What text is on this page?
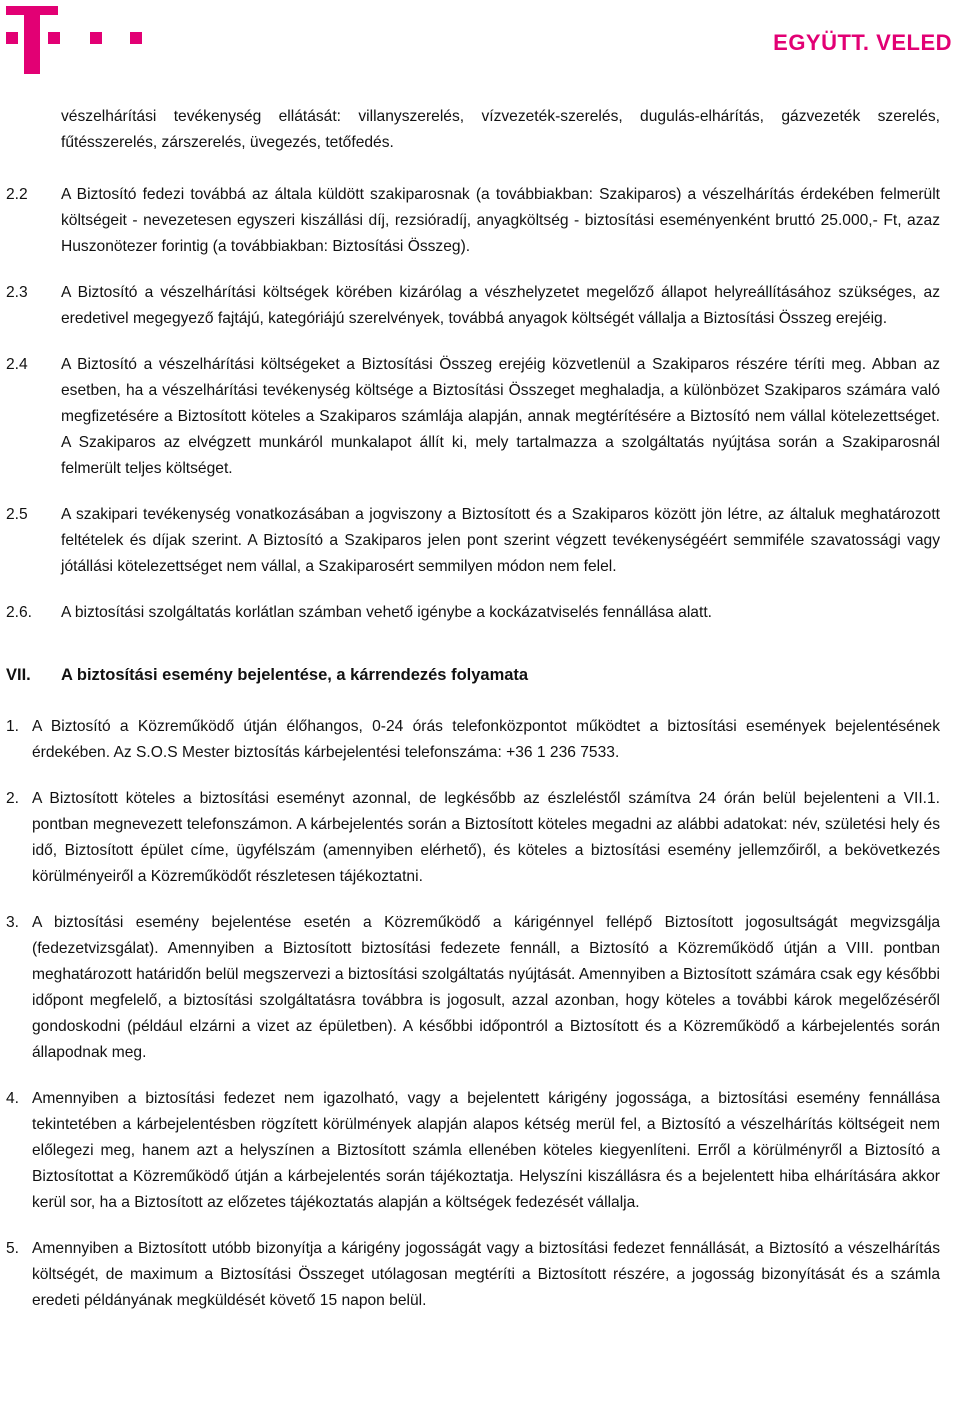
EGYÜTT. VELED
vészelhárítási tevékenység ellátását: villanyszerelés, vízvezeték-szerelés, dugulás-elhárítás, gázvezeték szerelés, fűtésszerelés, zárszerelés, üvegezés, tetőfedés.
2.2 A Biztosító fedezi továbbá az általa küldött szakiparosnak (a továbbiakban: Szakiparos) a vészelhárítás érdekében felmerült költségeit - nevezetesen egyszeri kiszállási díj, rezsióradíj, anyagköltség - biztosítási eseményenként bruttó 25.000,- Ft, azaz Huszonötezer forintig (a továbbiakban: Biztosítási Összeg).
2.3 A Biztosító a vészelhárítási költségek körében kizárólag a vészhelyzetet megelőző állapot helyreállításához szükséges, az eredetivel megegyező fajtájú, kategóriájú szerelvények, továbbá anyagok költségét vállalja a Biztosítási Összeg erejéig.
2.4 A Biztosító a vészelhárítási költségeket a Biztosítási Összeg erejéig közvetlenül a Szakiparos részére téríti meg. Abban az esetben, ha a vészelhárítási tevékenység költsége a Biztosítási Összeget meghaladja, a különbözet Szakiparos számára való megfizetésére a Biztosított köteles a Szakiparos számlája alapján, annak megtérítésére a Biztosító nem vállal kötelezettséget. A Szakiparos az elvégzett munkáról munkalapot állít ki, mely tartalmazza a szolgáltatás nyújtása során a Szakiparosnál felmerült teljes költséget.
2.5 A szakipari tevékenység vonatkozásában a jogviszony a Biztosított és a Szakiparos között jön létre, az általuk meghatározott feltételek és díjak szerint. A Biztosító a Szakiparos jelen pont szerint végzett tevékenységéért semmiféle szavatossági vagy jótállási kötelezettséget nem vállal, a Szakiparosért semmilyen módon nem felel.
2.6. A biztosítási szolgáltatás korlátlan számban vehető igénybe a kockázatviselés fennállása alatt.
VII. A biztosítási esemény bejelentése, a kárrendezés folyamata
1. A Biztosító a Közreműködő útján élőhangos, 0-24 órás telefonközpontot működtet a biztosítási események bejelentésének érdekében. Az S.O.S Mester biztosítás kárbejelentési telefonszáma: +36 1 236 7533.
2. A Biztosított köteles a biztosítási eseményt azonnal, de legkésőbb az észleléstől számítva 24 órán belül bejelenteni a VII.1. pontban megnevezett telefonszámon. A kárbejelentés során a Biztosított köteles megadni az alábbi adatokat: név, születési hely és idő, Biztosított épület címe, ügyfélszám (amennyiben elérhető), és köteles a biztosítási esemény jellemzőiről, a bekövetkezés körülményeiről a Közreműködőt részletesen tájékoztatni.
3. A biztosítási esemény bejelentése esetén a Közreműködő a kárigénnyel fellépő Biztosított jogosultságát megvizsgálja (fedezetvizsgálat). Amennyiben a Biztosított biztosítási fedezete fennáll, a Biztosító a Közreműködő útján a VIII. pontban meghatározott határidőn belül megszervezi a biztosítási szolgáltatás nyújtását. Amennyiben a Biztosított számára csak egy későbbi időpont megfelelő, a biztosítási szolgáltatásra továbbra is jogosult, azzal azonban, hogy köteles a további károk megelőzéséről gondoskodni (például elzárni a vizet az épületben). A későbbi időpontról a Biztosított és a Közreműködő a kárbejelentés során állapodnak meg.
4. Amennyiben a biztosítási fedezet nem igazolható, vagy a bejelentett kárigény jogossága, a biztosítási esemény fennállása tekintetében a kárbejelentésben rögzített körülmények alapján alapos kétség merül fel, a Biztosító a vészelhárítás költségeit nem előlegezi meg, hanem azt a helyszínen a Biztosított számla ellenében köteles kiegyenlíteni. Erről a körülményről a Biztosító a Biztosítottat a Közreműködő útján a kárbejelentés során tájékoztatja. Helyszíni kiszállásra és a bejelentett hiba elhárítására akkor kerül sor, ha a Biztosított az előzetes tájékoztatás alapján a költségek fedezését vállalja.
5. Amennyiben a Biztosított utóbb bizonyítja a kárigény jogosságát vagy a biztosítási fedezet fennállását, a Biztosító a vészelhárítás költségét, de maximum a Biztosítási Összeget utólagosan megtéríti a Biztosított részére, a jogosság bizonyítását és a számla eredeti példányának megküldését követő 15 napon belül.
